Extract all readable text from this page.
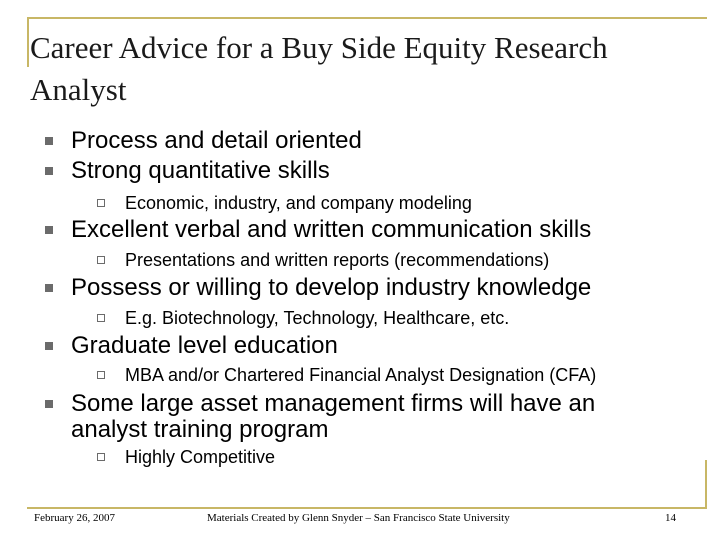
Career Advice for a Buy Side Equity Research Analyst
Process and detail oriented
Strong quantitative skills
Economic, industry, and company modeling
Excellent verbal and written communication skills
Presentations and written reports (recommendations)
Possess or willing to develop industry knowledge
E.g. Biotechnology, Technology, Healthcare, etc.
Graduate level education
MBA and/or Chartered Financial Analyst Designation (CFA)
Some large asset management firms will have an analyst training program
Highly Competitive
February 26, 2007	Materials Created by Glenn Snyder – San Francisco State University	14
